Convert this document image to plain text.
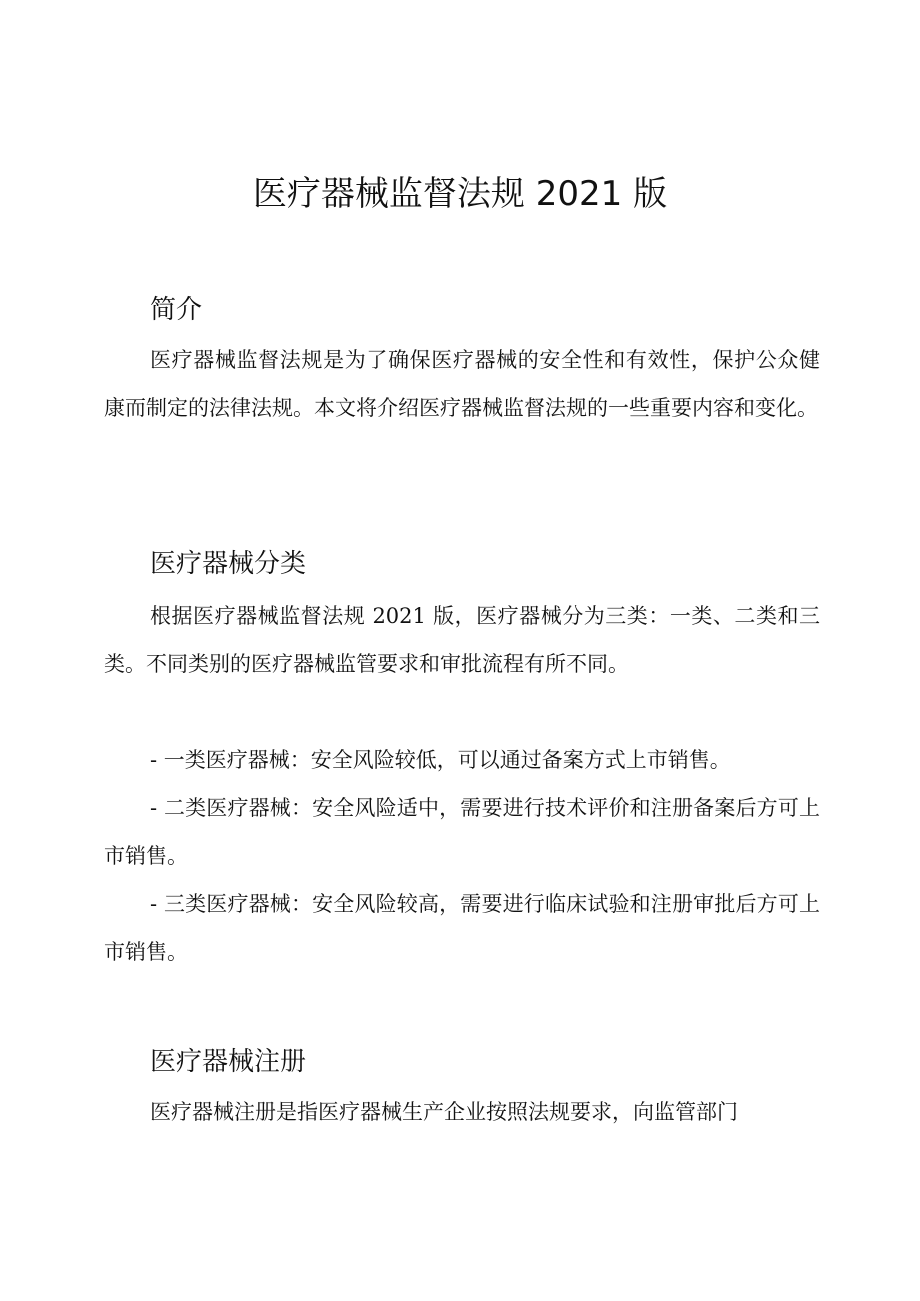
医疗器械监督法规 2021 版
简介

医疗器械监督法规是为了确保医疗器械的安全性和有效性，保护公众健康而制定的法律法规。本文将介绍医疗器械监督法规的一些重要内容和变化。

医疗器械分类

根据医疗器械监督法规 2021 版，医疗器械分为三类：一类、二类和三类。不同类别的医疗器械监管要求和审批流程有所不同。

- 一类医疗器械：安全风险较低，可以通过备案方式上市销售。

- 二类医疗器械：安全风险适中，需要进行技术评价和注册备案后方可上市销售。

- 三类医疗器械：安全风险较高，需要进行临床试验和注册审批后方可上市销售。

医疗器械注册

医疗器械注册是指医疗器械生产企业按照法规要求，向监管部门
